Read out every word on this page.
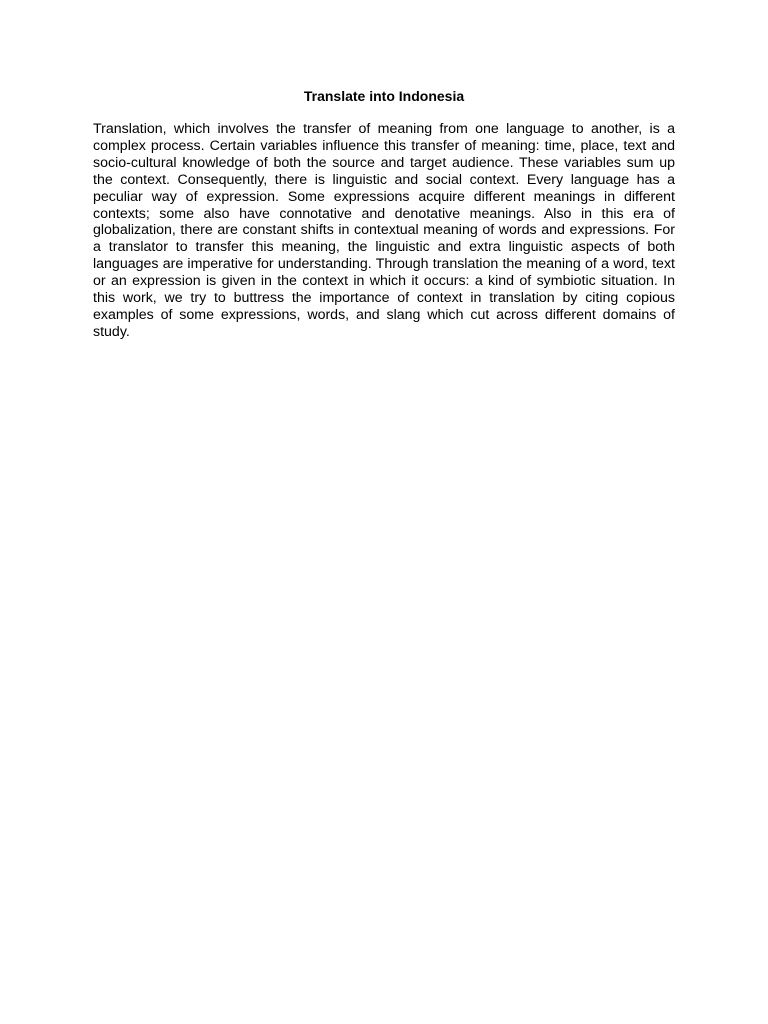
Translate into Indonesia

Translation, which involves the transfer of meaning from one language to another, is a complex process. Certain variables influence this transfer of meaning: time, place, text and socio-cultural knowledge of both the source and target audience. These variables sum up the context. Consequently, there is linguistic and social context. Every language has a peculiar way of expression. Some expressions acquire different meanings in different contexts; some also have connotative and denotative meanings. Also in this era of globalization, there are constant shifts in contextual meaning of words and expressions. For a translator to transfer this meaning, the linguistic and extra linguistic aspects of both languages are imperative for understanding. Through translation the meaning of a word, text or an expression is given in the context in which it occurs: a kind of symbiotic situation. In this work, we try to buttress the importance of context in translation by citing copious examples of some expressions, words, and slang which cut across different domains of study.
